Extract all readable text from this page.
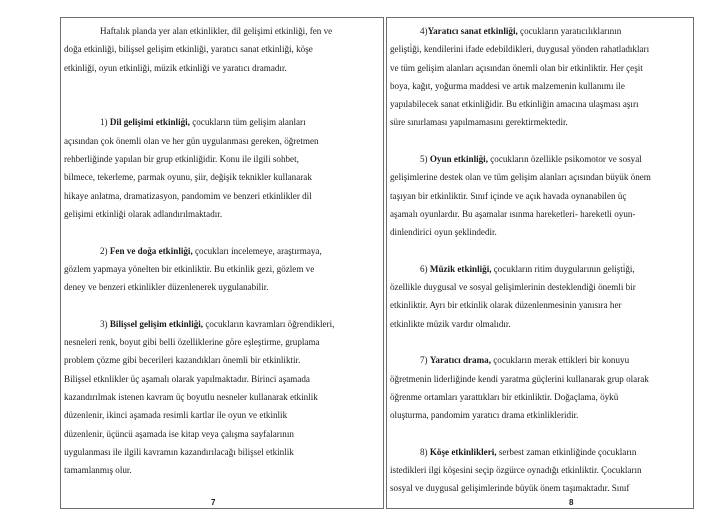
Haftalık planda yer alan etkinlikler, dil gelişimi etkinliği, fen ve
doğa etkinliği, bilişsel gelişim etkinliği, yaratıcı sanat etkinliği, köşe
etkinliği, oyun etkinliği, müzik etkinliği ve yaratıcı dramadır.
1) Dil gelişimi etkinliği, çocukların tüm gelişim alanları
açısından çok önemli olan ve her gün uygulanması gereken, öğretmen
rehberliğinde yapılan bir grup etkinliğidir. Konu ile ilgili sohbet,
bilmece, tekerleme, parmak oyunu, şiir, değişik teknikler kullanarak
hikaye anlatma, dramatizasyon, pandomim ve benzeri etkinlikler dil
gelişimi etkinliği olarak adlandırılmaktadır.
2) Fen ve doğa etkinliği, çocukları incelemeye, araştırmaya,
gözlem yapmaya yönelten bir etkinliktir. Bu etkinlik gezi, gözlem ve
deney ve benzeri etkinlikler düzenlenerek uygulanabilir.
3) Bilişsel gelişim etkinliği, çocukların kavramları öğrendikleri,
nesneleri renk, boyut gibi belli özelliklerine göre eşleştirme, gruplama
problem çözme gibi becerileri kazandıkları önemli bir etkinliktir.
Bilişsel etknlikler üç aşamalı olarak yapılmaktadır. Birinci aşamada
kazandırılmak istenen kavram üç boyutlu nesneler kullanarak etkinlik
düzenlenir, ikinci aşamada resimli kartlar ile oyun ve etkinlik
düzenlenir, üçüncü aşamada ise kitap veya çalışma sayfalarının
uygulanması ile ilgili kavramın kazandırılacağı bilişsel etkinlik
tamamlanmış olur.
7
4)Yaratıcı sanat etkinliği, çocukların yaratıcılıklarının
gelişti̇ği, kendilerini ifade edebildikleri, duygusal yönden rahatladıkları
ve tüm gelişim alanları açısından önemli olan bir etkinliktir. Her çeşit
boya, kağıt, yoğurma maddesi ve artık malzemenin kullanımı ile
yapılabilecek sanat etkinliğidir. Bu etkinliğin amacına ulaşması aşırı
süre sınırlaması yapılmamasını gerektirmektedir.
5) Oyun etkinliği, çocukların özellikle psikomotor ve sosyal
gelişimlerine destek olan ve tüm gelişim alanları açısından büyük önem
taşıyan bir etkinliktir. Sınıf içinde ve açık havada oynanabilen üç
aşamalı oyunlardır. Bu aşamalar ısınma hareketleri- hareketli oyun-
dinlendirici oyun şeklindedir.
6) Müzik etkinliği, çocukların ritim duygularının gelişti̇ği,
özellikle duygusal ve sosyal gelişimlerinin desteklendiği önemli bir
etkinliktir. Ayrı bir etkinlik olarak düzenlenmesinin yanısıra her
etkinlikte müzik vardır olmalıdır.
7) Yaratıcı drama, çocukların merak ettikleri bir konuyu
öğretmenin liderliğinde kendi yaratma güçlerini kullanarak grup olarak
öğrenme ortamları yarattıkları bir etkinliktir. Doğaçlama, öykü
oluşturma, pandomim yaratıcı drama etkinlikleridir.
8) Köşe etkinlikleri, serbest zaman etkinliğinde çocukların
istedikleri ilgi köşesini seçip özgürce oynadığı etkinliktir. Çocukların
sosyal ve duygusal gelişimlerinde büyük önem taşımaktadır. Sınıf
8
